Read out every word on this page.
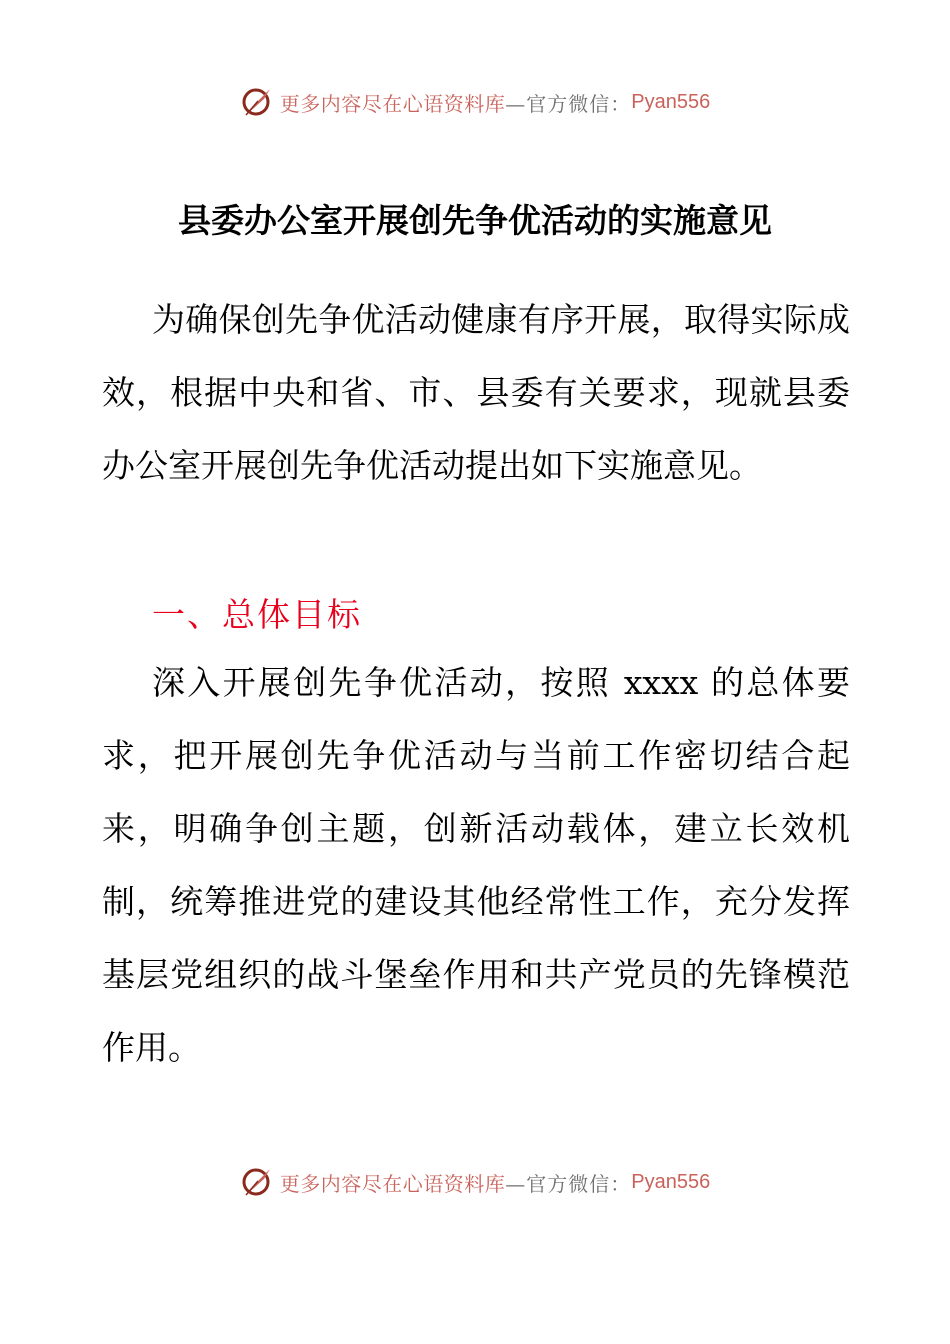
更多内容尽在心语资料库 —官方微信： Pyan556
县委办公室开展创先争优活动的实施意见

为确保创先争优活动健康有序开展，取得实际成效，根据中央和省、市、县委有关要求，现就县委办公室开展创先争优活动提出如下实施意见。

一、总体目标

深入开展创先争优活动，按照 xxxx 的总体要求，把开展创先争优活动与当前工作密切结合起来，明确争创主题，创新活动载体，建立长效机制，统筹推进党的建设其他经常性工作，充分发挥基层党组织的战斗堡垒作用和共产党员的先锋模范作用。

更多内容尽在心语资料库 —官方微信： Pyan556
